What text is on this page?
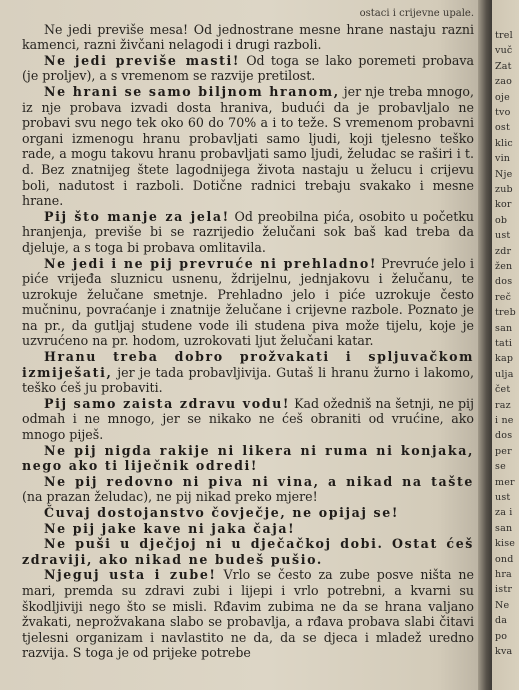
ostaci i crijevne upale.

Ne jedi previše mesa! Od jednostrane mesne hrane nastaju razni kamenci, razni živčani nelagodi i drugi razboli.

Ne jedi previše masti! Od toga se lako poremeti probava (je proljev), a s vremenom se razvije pretilost.

Ne hrani se samo biljnom hranom, jer nje treba mnogo, iz nje probava izvadi dosta hraniva, budući da je probavljalo ne probavi svu nego tek oko 60 do 70% a i to teže. S vremenom probavni organi izmenogu hranu probavljati samo ljudi, koji tjelesno teško rade, a mogu takovu hranu probavljati samo ljudi, želudac se raširi i t. d. Bez znatnijeg štete lagodnijega života nastaju u želucu i crijevu boli, nadutost i razboli. Dotične radnici trebaju svakako i mesne hrane.

Pij što manje za jela! Od preobilna pića, osobito u početku hranjenja, previše bi se razrijedio želučani sok baš kad treba da djeluje, a s toga bi probava omlitavila.

Ne jedi i ne pij prevruće ni prehladno! Prevruće jelo i piće vrijeđa sluznicu usnenu, ždrijelnu, jednjakovu i želučanu, te uzrokuje želučane smetnje. Prehladno jelo i piće uzrokuje često mučninu, povraćanje i znatnije želučane i crijevne razbole. Poznato je na pr., da gutljaj studene vode ili studena piva može tijelu, koje je uzvrućeno na pr. hodom, uzrokovati ljut želučani katar.

Hranu treba dobro prožvakati i spljuvačkom izmiješati, jer je tada probavljivija. Gutaš li hranu žurno i lakomo, teško ćeš ju probaviti.

Pij samo zaista zdravu vodu! Kad ožedniš na šetnji, ne pij odmah i ne mnogo, jer se nikako ne ćeš obraniti od vrućine, ako mnogo piješ.

Ne pij nigda rakije ni likera ni ruma ni konjaka, nego ako ti liječnik odredi!

Ne pij redovno ni piva ni vina, a nikad na tašte (na prazan želudac), ne pij nikad preko mjere!

Čuvaj dostojanstvo čovječje, ne opijaj se!

Ne pij jake kave ni jaka čaja!

Ne puši u dječjoj ni u dječačkoj dobi. Ostat ćeš zdraviji, ako nikad ne budeš pušio.

Njeguj usta i zube! Vrlo se često za zube posve ništa ne mari, premda su zdravi zubi i lijepi i vrlo potrebni, a kvarni su škodljiviji nego što se misli. Rđavim zubima ne da se hrana valjano žvakati, neprožvakana slabo se probavlja, a rđava probava slabi čitavi tjelesni organizam i navlastito ne da, da se djeca i mladež uredno razvija. S toga je od prijeke potrebe

trel
vuč
Zat
zao
oje
tvo
ost
klic
vin
Nje
zub
kor
ob
ust
zdr
žen
dos
reč
treb
san
tati
kap
ulja
čet
raz
i ne
dos
per
se
mer
ust
za i
san
kise
ond
hra
istr
Ne
da
po
kva
